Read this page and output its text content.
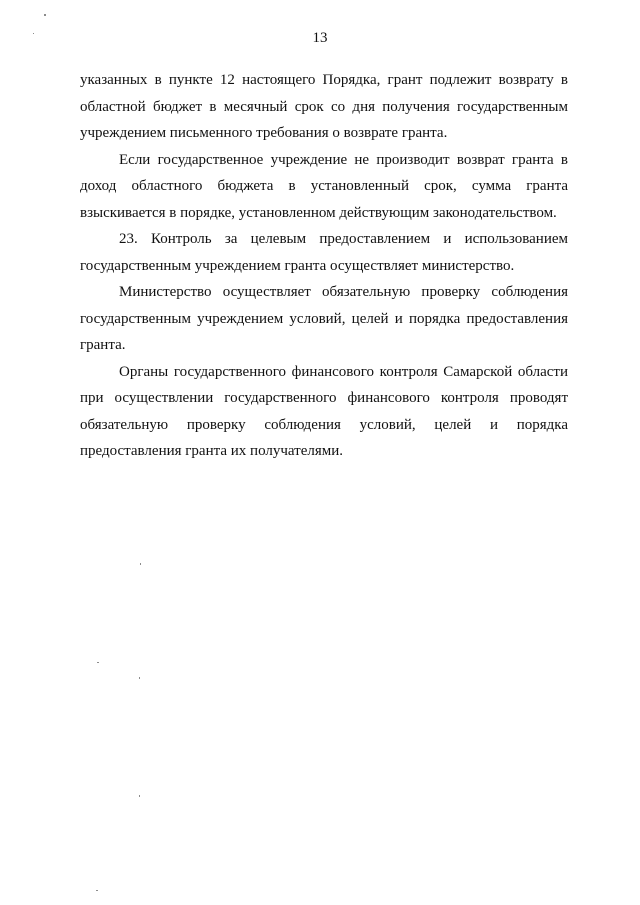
13

указанных в пункте 12 настоящего Порядка, грант подлежит возврату в областной бюджет в месячный срок со дня получения государственным учреждением письменного требования о возврате гранта.

Если государственное учреждение не производит возврат гранта в доход областного бюджета в установленный срок, сумма гранта взыскивается в порядке, установленном действующим законодательством.

23. Контроль за целевым предоставлением и использованием государственным учреждением гранта осуществляет министерство.

Министерство осуществляет обязательную проверку соблюдения государственным учреждением условий, целей и порядка предоставления гранта.

Органы государственного финансового контроля Самарской области при осуществлении государственного финансового контроля проводят обязательную проверку соблюдения условий, целей и порядка предоставления гранта их получателями.
